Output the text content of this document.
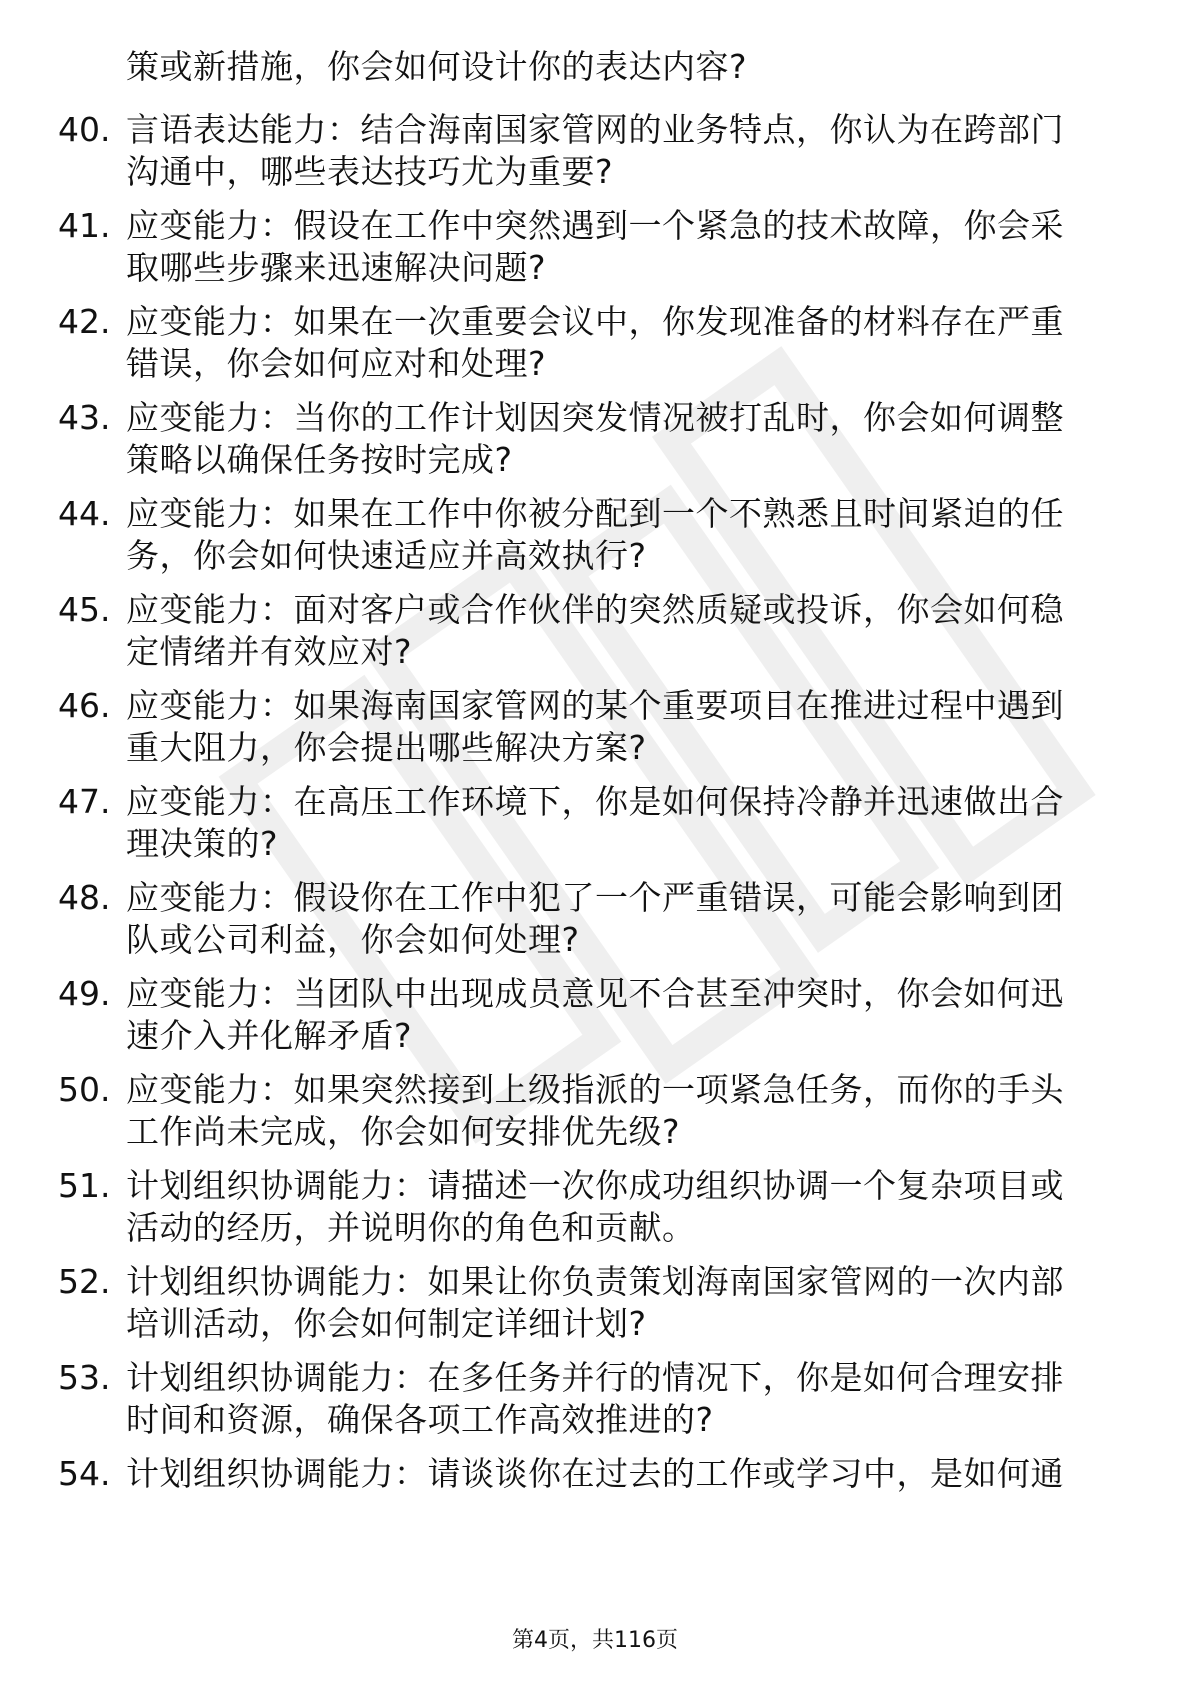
策或新措施，你会如何设计你的表达内容?
40. 言语表达能力：结合海南国家管网的业务特点，你认为在跨部门
沟通中，哪些表达技巧尤为重要?
41. 应变能力：假设在工作中突然遇到一个紧急的技术故障，你会采
取哪些步骤来迅速解决问题?
42. 应变能力：如果在一次重要会议中，你发现准备的材料存在严重
错误，你会如何应对和处理?
43. 应变能力：当你的工作计划因突发情况被打乱时，你会如何调整
策略以确保任务按时完成?
44. 应变能力：如果在工作中你被分配到一个不熟悉且时间紧迫的任
务，你会如何快速适应并高效执行?
45. 应变能力：面对客户或合作伙伴的突然质疑或投诉，你会如何稳
定情绪并有效应对?
46. 应变能力：如果海南国家管网的某个重要项目在推进过程中遇到
重大阻力，你会提出哪些解决方案?
47. 应变能力：在高压工作环境下，你是如何保持冷静并迅速做出合
理决策的?
48. 应变能力：假设你在工作中犯了一个严重错误，可能会影响到团
队或公司利益，你会如何处理?
49. 应变能力：当团队中出现成员意见不合甚至冲突时，你会如何迅
速介入并化解矛盾?
50. 应变能力：如果突然接到上级指派的一项紧急任务，而你的手头
工作尚未完成，你会如何安排优先级?
51. 计划组织协调能力：请描述一次你成功组织协调一个复杂项目或
活动的经历，并说明你的角色和贡献。
52. 计划组织协调能力：如果让你负责策划海南国家管网的一次内部
培训活动，你会如何制定详细计划?
53. 计划组织协调能力：在多任务并行的情况下，你是如何合理安排
时间和资源，确保各项工作高效推进的?
54. 计划组织协调能力：请谈谈你在过去的工作或学习中，是如何通
第4页，共116页
